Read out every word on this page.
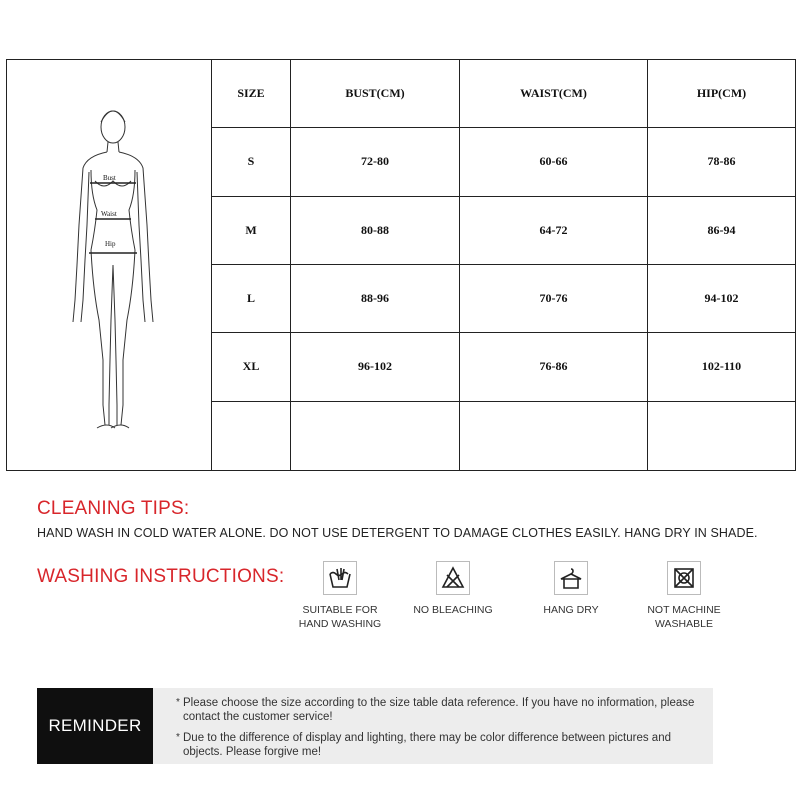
Bust
Waist
Hip
SIZE	BUST(CM)	WAIST(CM)	HIP(CM)
S	72-80	60-66	78-86
M	80-88	64-72	86-94
L	88-96	70-76	94-102
XL	96-102	76-86	102-110
CLEANING TIPS:
HAND WASH IN COLD WATER ALONE. DO NOT USE DETERGENT TO DAMAGE CLOTHES EASILY. HANG DRY IN SHADE.
WASHING INSTRUCTIONS:
SUITABLE FOR
HAND WASHING
NO BLEACHING	HANG DRY	NOT MACHINE
WASHABLE
REMINDER
* Please choose the size according to the size table data reference. If you have no information, please contact the customer service!
* Due to the difference of display and lighting, there may be color difference between pictures and objects. Please forgive me!
